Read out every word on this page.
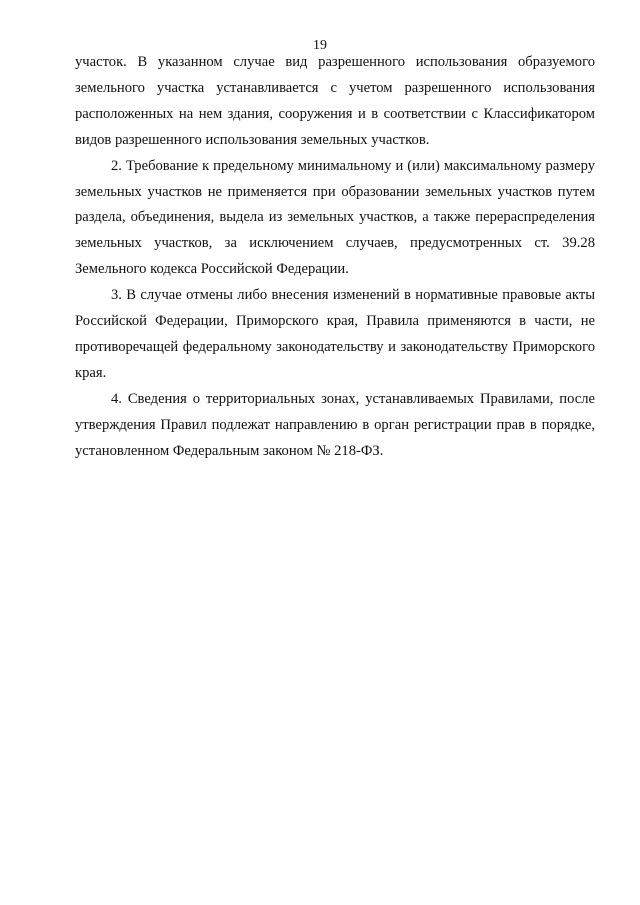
19

участок. В указанном случае вид разрешенного использования образуемого земельного участка устанавливается с учетом разрешенного использования расположенных на нем здания, сооружения и в соответствии с Классификатором видов разрешенного использования земельных участков.

2. Требование к предельному минимальному и (или) максимальному размеру земельных участков не применяется при образовании земельных участков путем раздела, объединения, выдела из земельных участков, а также перераспределения земельных участков, за исключением случаев, предусмотренных ст. 39.28 Земельного кодекса Российской Федерации.

3. В случае отмены либо внесения изменений в нормативные правовые акты Российской Федерации, Приморского края, Правила применяются в части, не противоречащей федеральному законодательству и законодательству Приморского края.

4. Сведения о территориальных зонах, устанавливаемых Правилами, после утверждения Правил подлежат направлению в орган регистрации прав в порядке, установленном Федеральным законом № 218-ФЗ.
